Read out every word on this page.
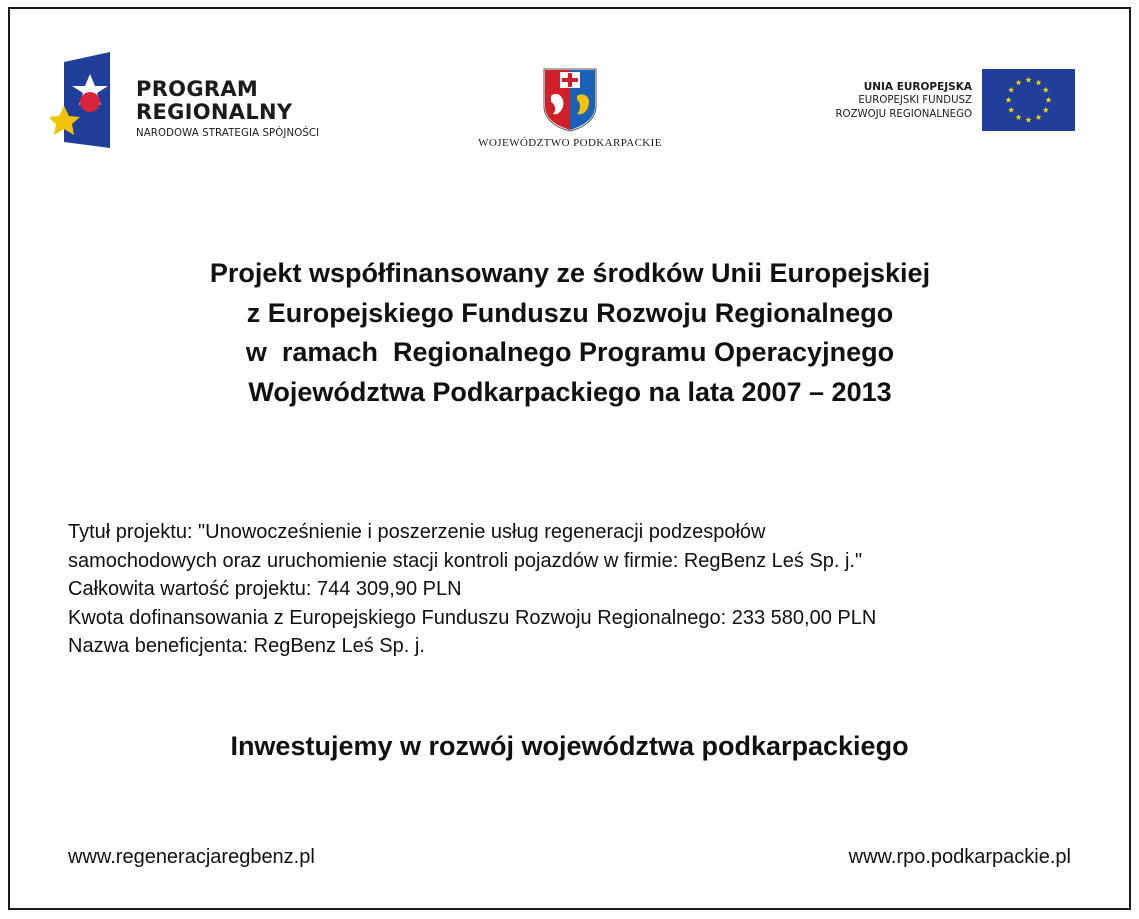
PROGRAM
REGIONALNY
NARODOWA STRATEGIA SPÓJNOŚCI
WOJEWÓDZTWO PODKARPACKIE
UNIA EUROPEJSKA
EUROPEJSKI FUNDUSZ
ROZWOJU REGIONALNEGO
Projekt współfinansowany ze środków Unii Europejskiej
z Europejskiego Funduszu Rozwoju Regionalnego
w  ramach  Regionalnego Programu Operacyjnego
Województwa Podkarpackiego na lata 2007 – 2013
Tytuł projektu: "Unowocześnienie i poszerzenie usług regeneracji podzespołów
samochodowych oraz uruchomienie stacji kontroli pojazdów w firmie: RegBenz Leś Sp. j."
Całkowita wartość projektu: 744 309,90 PLN
Kwota dofinansowania z Europejskiego Funduszu Rozwoju Regionalnego: 233 580,00 PLN
Nazwa beneficjenta: RegBenz Leś Sp. j.
Inwestujemy w rozwój województwa podkarpackiego
www.regeneracjaregbenz.pl	www.rpo.podkarpackie.pl
